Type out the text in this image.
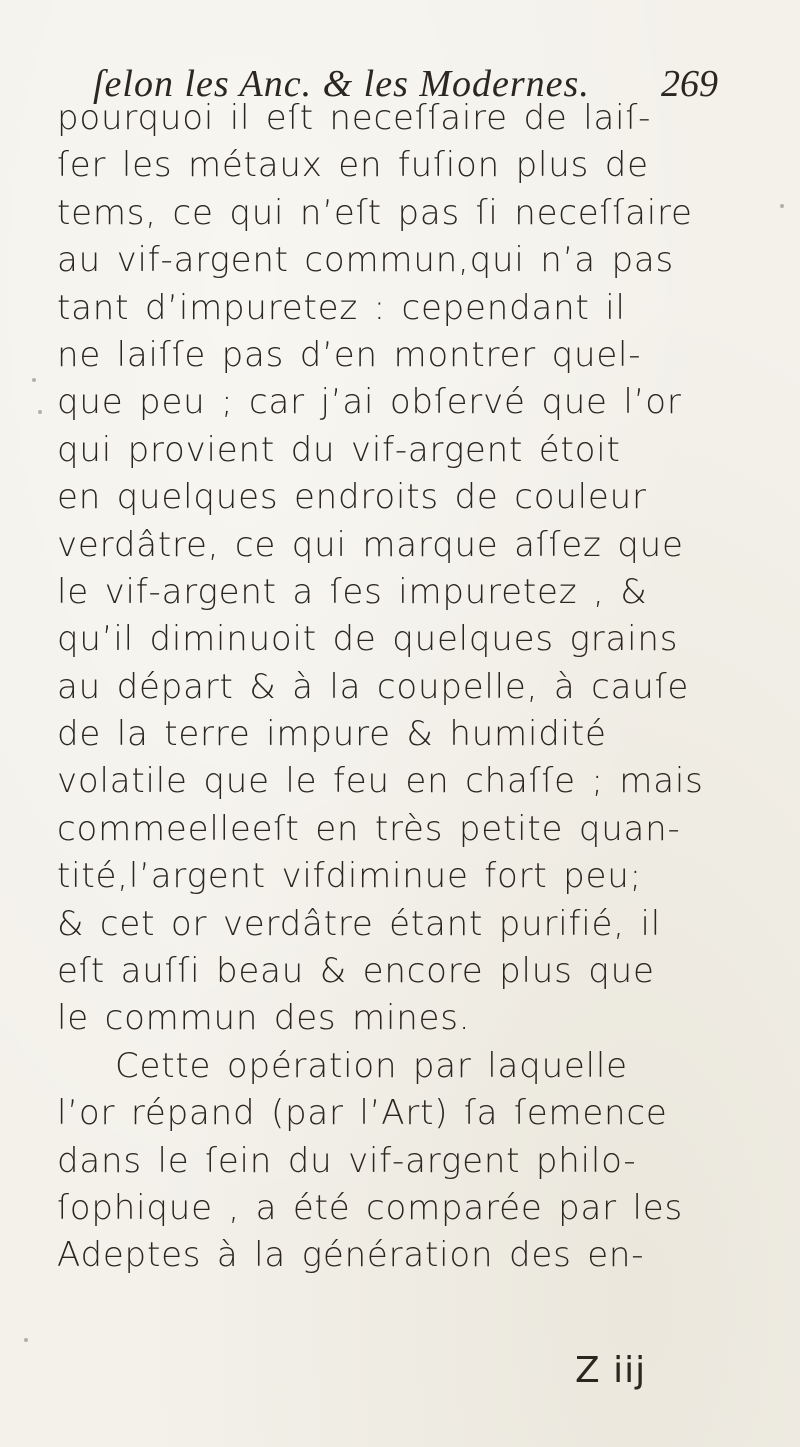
ſelon les Anc. & les Modernes. 269
pourquoi il eſt neceſſaire de laiſ-
ſer les métaux en fuſion plus de
tems, ce qui n’eſt pas ſi neceſſaire
au vif-argent commun,qui n’a pas
tant d’impuretez : cependant il
ne laiſſe pas d’en montrer quel-
que peu ; car j’ai obſervé que l’or
qui provient du vif-argent étoit
en quelques endroits de couleur
verdâtre, ce qui marque aſſez que
le vif-argent a ſes impuretez , &
qu’il diminuoit de quelques grains
au départ & à la coupelle, à cauſe
de la terre impure & humidité
volatile que le feu en chaſſe ; mais
commeelleeſt en très petite quan-
tité,l’argent vifdiminue fort peu;
& cet or verdâtre étant purifié, il
eſt auſſi beau & encore plus que
le commun des mines.
Cette opération par laquelle
l’or répand (par l’Art) ſa ſemence
dans le ſein du vif-argent philo-
ſophique , a été comparée par les
Adeptes à la génération des en-
Z iij
